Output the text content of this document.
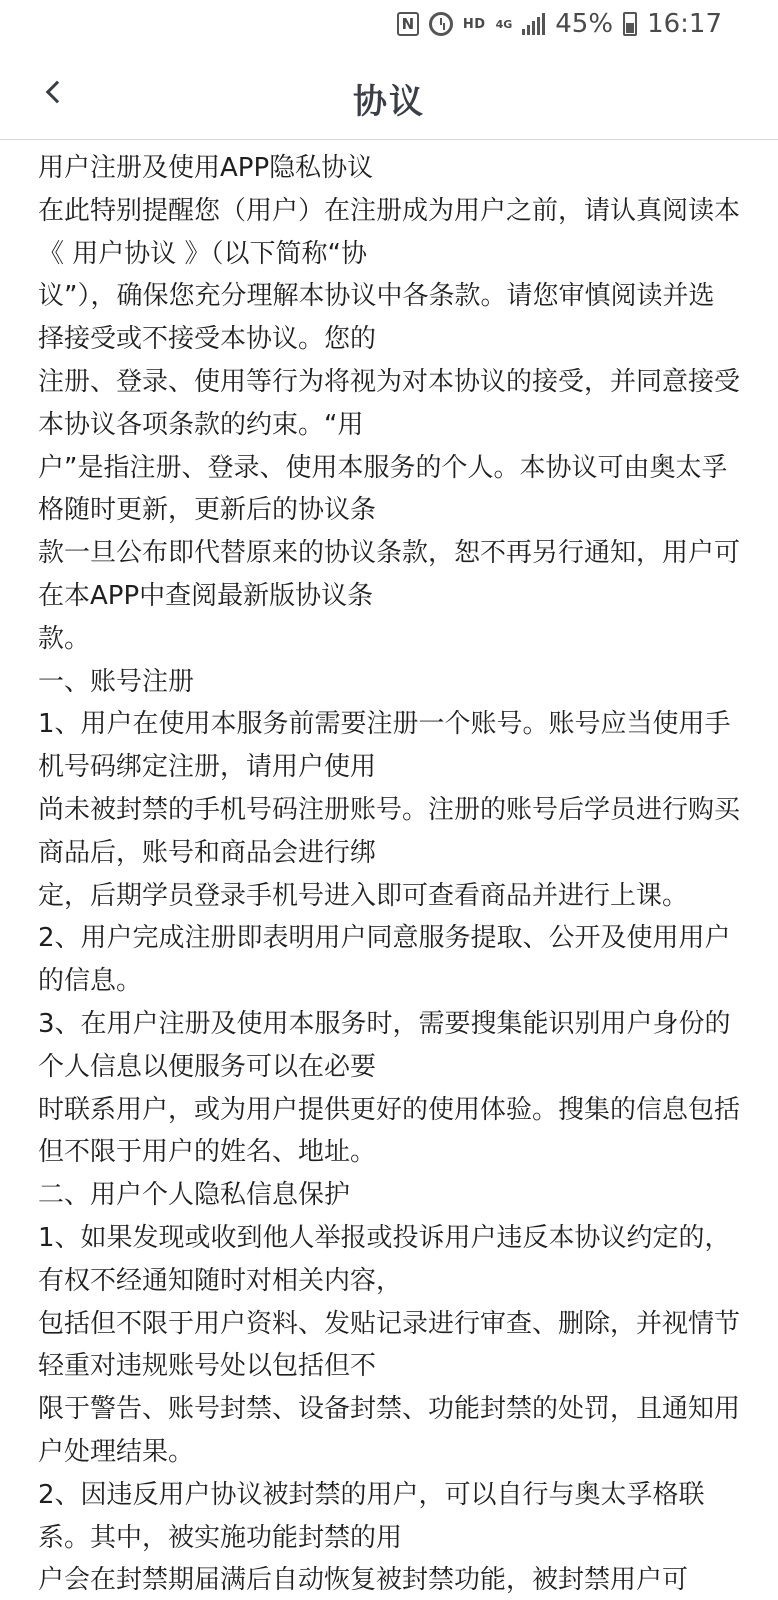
N	HD 4G 45% 16:17
协议
用户注册及使用APP隐私协议
在此特别提醒您（用户）在注册成为用户之前，请认真阅读本《 用户协议 》（以下简称“协
议”），确保您充分理解本协议中各条款。请您审慎阅读并选择接受或不接受本协议。您的
注册、登录、使用等行为将视为对本协议的接受，并同意接受本协议各项条款的约束。“用
户”是指注册、登录、使用本服务的个人。本协议可由奥太孚格随时更新，更新后的协议条
款一旦公布即代替原来的协议条款，恕不再另行通知，用户可在本APP中查阅最新版协议条
款。
一、账号注册
1、用户在使用本服务前需要注册一个账号。账号应当使用手机号码绑定注册，请用户使用
尚未被封禁的手机号码注册账号。注册的账号后学员进行购买商品后，账号和商品会进行绑
定，后期学员登录手机号进入即可查看商品并进行上课。
2、用户完成注册即表明用户同意服务提取、公开及使用用户的信息。
3、在用户注册及使用本服务时，需要搜集能识别用户身份的个人信息以便服务可以在必要
时联系用户，或为用户提供更好的使用体验。搜集的信息包括但不限于用户的姓名、地址。
二、用户个人隐私信息保护
1、如果发现或收到他人举报或投诉用户违反本协议约定的，有权不经通知随时对相关内容，
包括但不限于用户资料、发贴记录进行审查、删除，并视情节轻重对违规账号处以包括但不
限于警告、账号封禁、设备封禁、功能封禁的处罚，且通知用户处理结果。
2、因违反用户协议被封禁的用户，可以自行与奥太孚格联系。其中，被实施功能封禁的用
户会在封禁期届满后自动恢复被封禁功能，被封禁用户可
